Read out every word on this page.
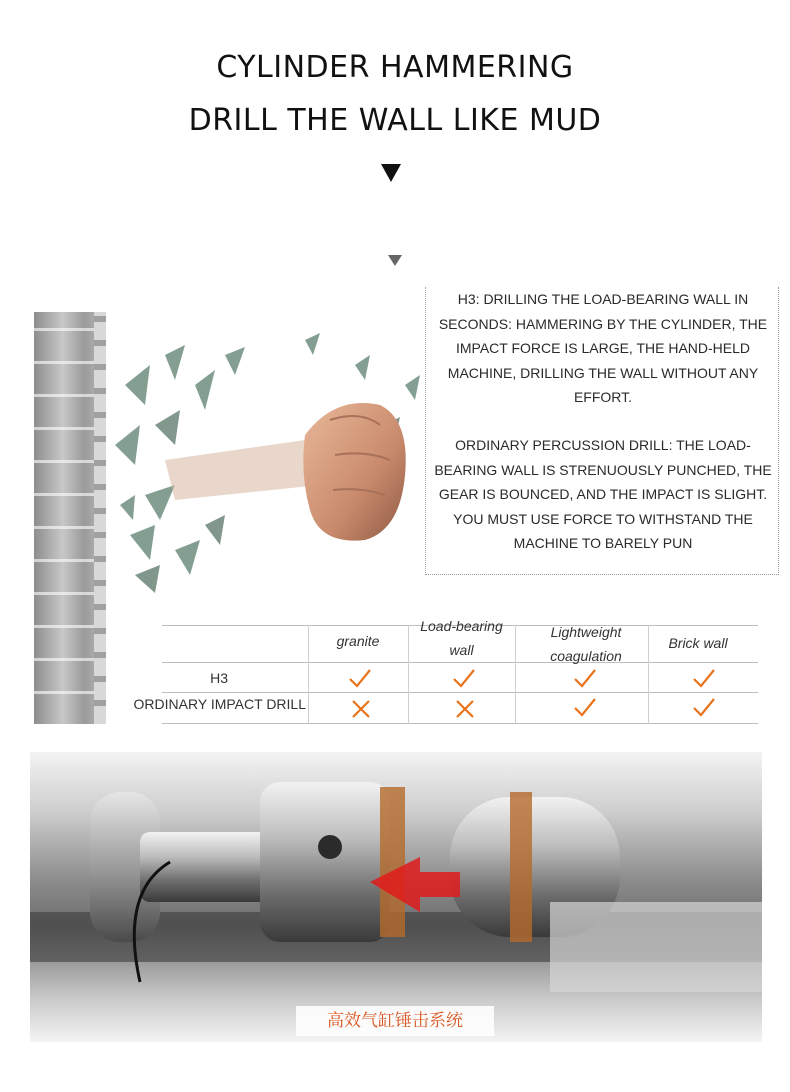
CYLINDER HAMMERING
DRILL THE WALL LIKE MUD
H3: DRILLING THE LOAD-BEARING WALL IN SECONDS: HAMMERING BY THE CYLINDER, THE IMPACT FORCE IS LARGE, THE HAND-HELD MACHINE, DRILLING THE WALL WITHOUT ANY EFFORT.
ORDINARY PERCUSSION DRILL: THE LOAD-BEARING WALL IS STRENUOUSLY PUNCHED, THE GEAR IS BOUNCED, AND THE IMPACT IS SLIGHT. YOU MUST USE FORCE TO WITHSTAND THE MACHINE TO BARELY PUN
granite
Load-bearing wall
Lightweight coagulation
Brick wall
H3
ORDINARY IMPACT DRILL
高效气缸锤击系统
